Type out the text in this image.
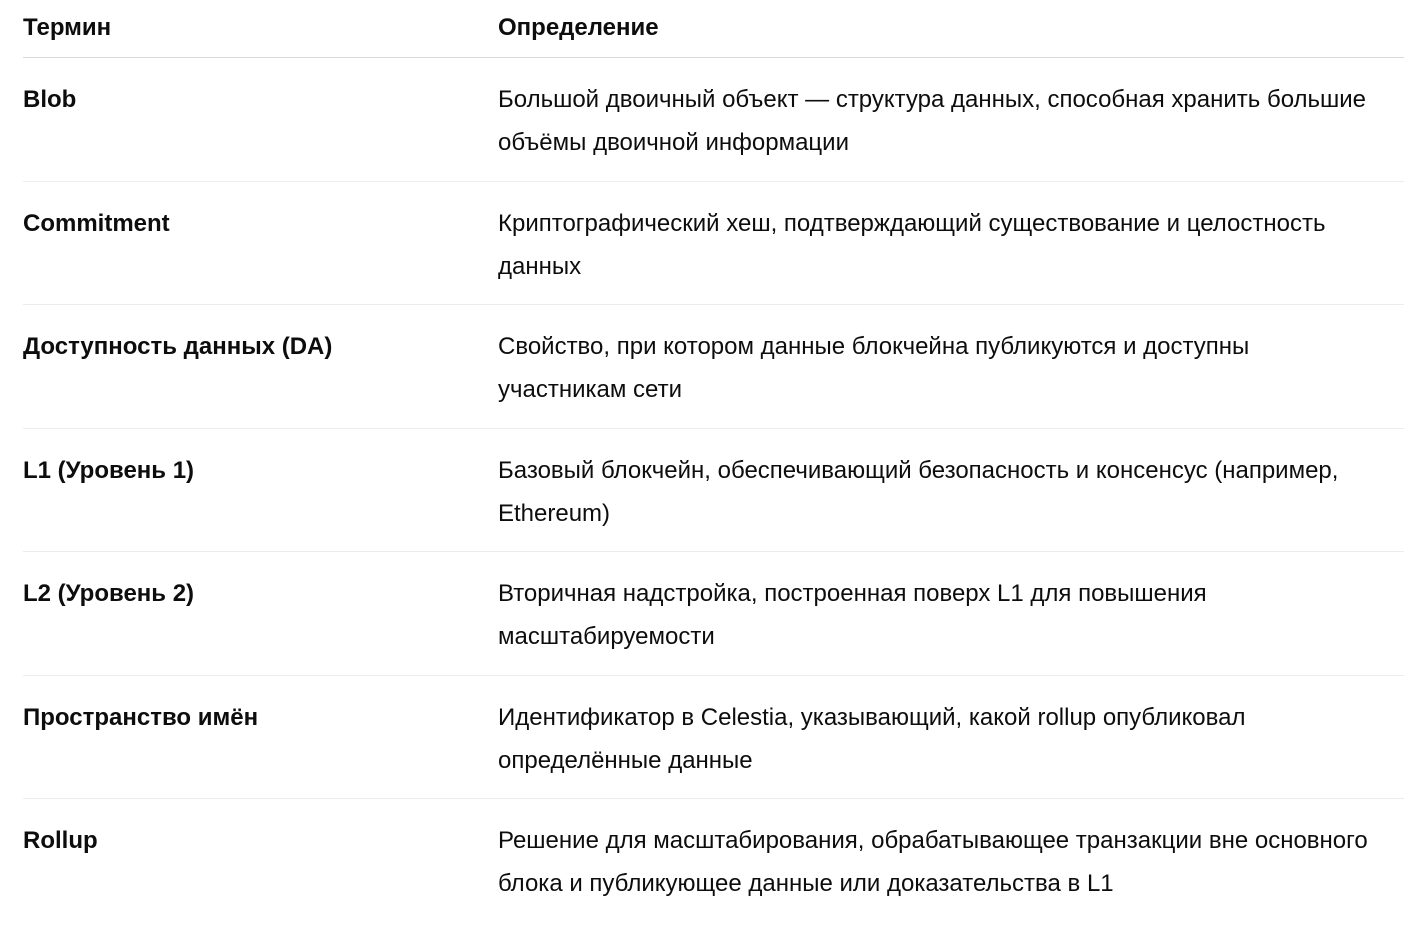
Термин	Определение
Blob	Большой двоичный объект — структура данных, способная хранить большие объёмы двоичной информации
Commitment	Криптографический хеш, подтверждающий существование и целостность данных
Доступность данных (DA)	Свойство, при котором данные блокчейна публикуются и доступны участникам сети
L1 (Уровень 1)	Базовый блокчейн, обеспечивающий безопасность и консенсус (например, Ethereum)
L2 (Уровень 2)	Вторичная надстройка, построенная поверх L1 для повышения масштабируемости
Пространство имён	Идентификатор в Celestia, указывающий, какой rollup опубликовал определённые данные
Rollup	Решение для масштабирования, обрабатывающее транзакции вне основного блока и публикующее данные или доказательства в L1
